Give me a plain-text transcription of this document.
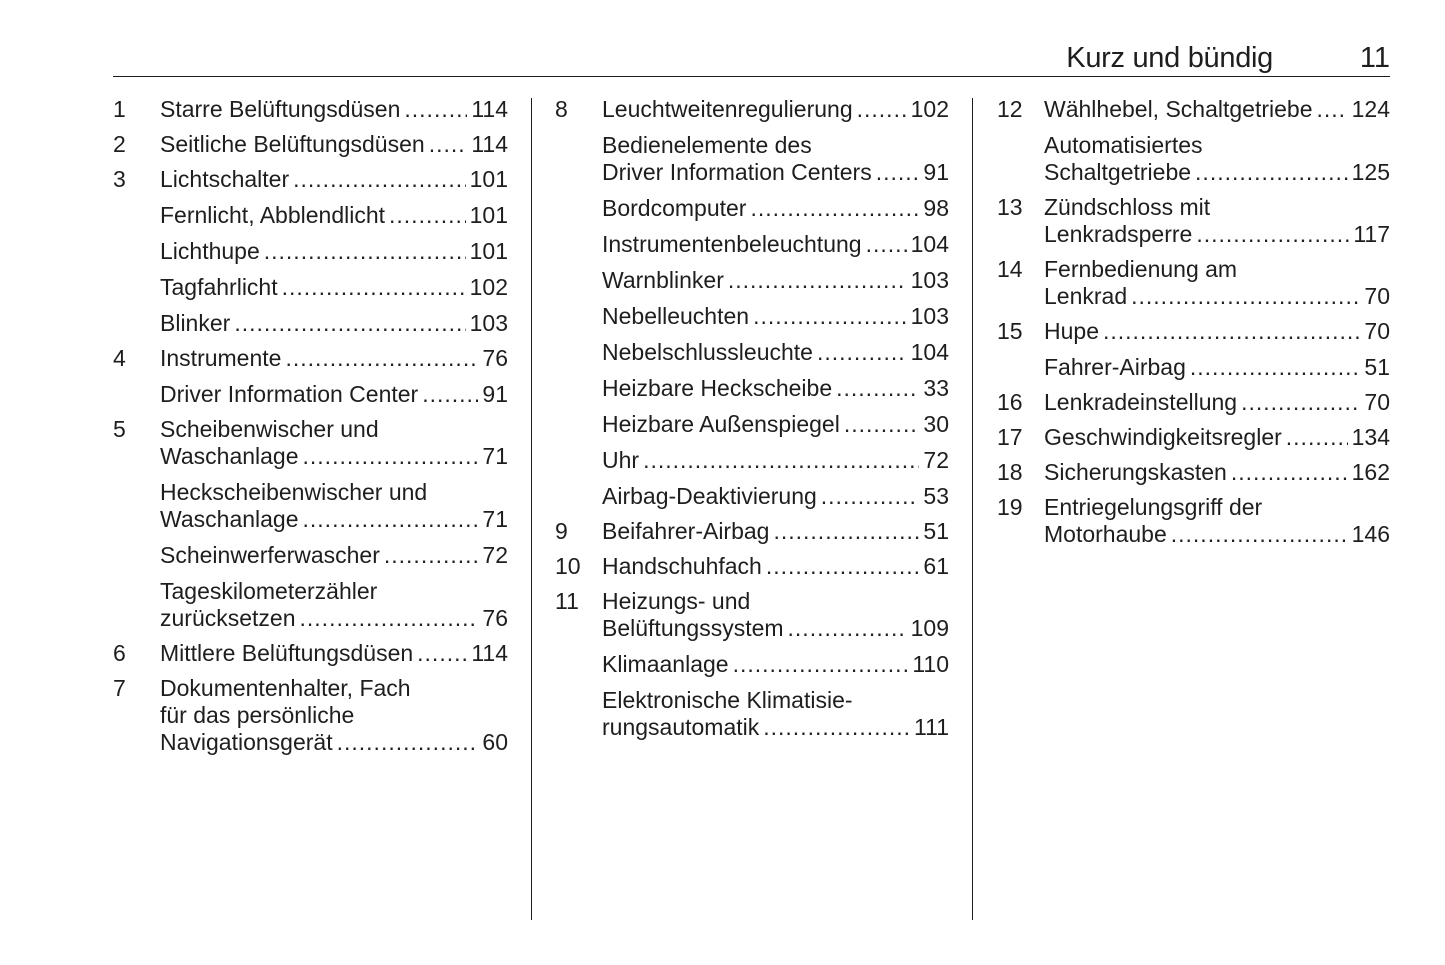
Kurz und bündig	11
1 Starre Belüftungsdüsen .....	114
2 Seitliche Belüftungsdüsen ..... 114
3 Lichtschalter .....	101
Fernlicht, Abblendlicht .....	101
Lichthupe .....	101
Tagfahrlicht .....	102
Blinker .....	103
4 Instrumente .....	76
Driver Information Center .....	91
5 Scheibenwischer und
Waschanlage .....	71
Heckscheibenwischer und
Waschanlage .....	71
Scheinwerferwascher .....	72
Tageskilometerzähler
zurücksetzen .....	76
6 Mittlere Belüftungsdüsen .....	114
7 Dokumentenhalter, Fach
für das persönliche
Navigationsgerät .....	60
8 Leuchtweitenregulierung .....	102
Bedienelemente des
Driver Information Centers ..... 91
Bordcomputer .....	98
Instrumentenbeleuchtung ..... 104
Warnblinker .....	103
Nebelleuchten .....	103
Nebelschlussleuchte .....	104
Heizbare Heckscheibe .....	33
Heizbare Außenspiegel .....	30
Uhr .....	72
Airbag-Deaktivierung .....	53
9 Beifahrer-Airbag .....	51
10 Handschuhfach .....	61
11 Heizungs- und
Belüftungssystem .....	109
Klimaanlage .....	110
Elektronische Klimatisie-
rungsautomatik .....	111
12 Wählhebel, Schaltgetriebe ..... 124
Automatisiertes
Schaltgetriebe .....	125
13 Zündschloss mit
Lenkradsperre .....	117
14 Fernbedienung am
Lenkrad .....	70
15 Hupe .....	70
Fahrer-Airbag .....	51
16 Lenkradeinstellung .....	70
17 Geschwindigkeitsregler .....	134
18 Sicherungskasten .....	162
19 Entriegelungsgriff der
Motorhaube .....	146
